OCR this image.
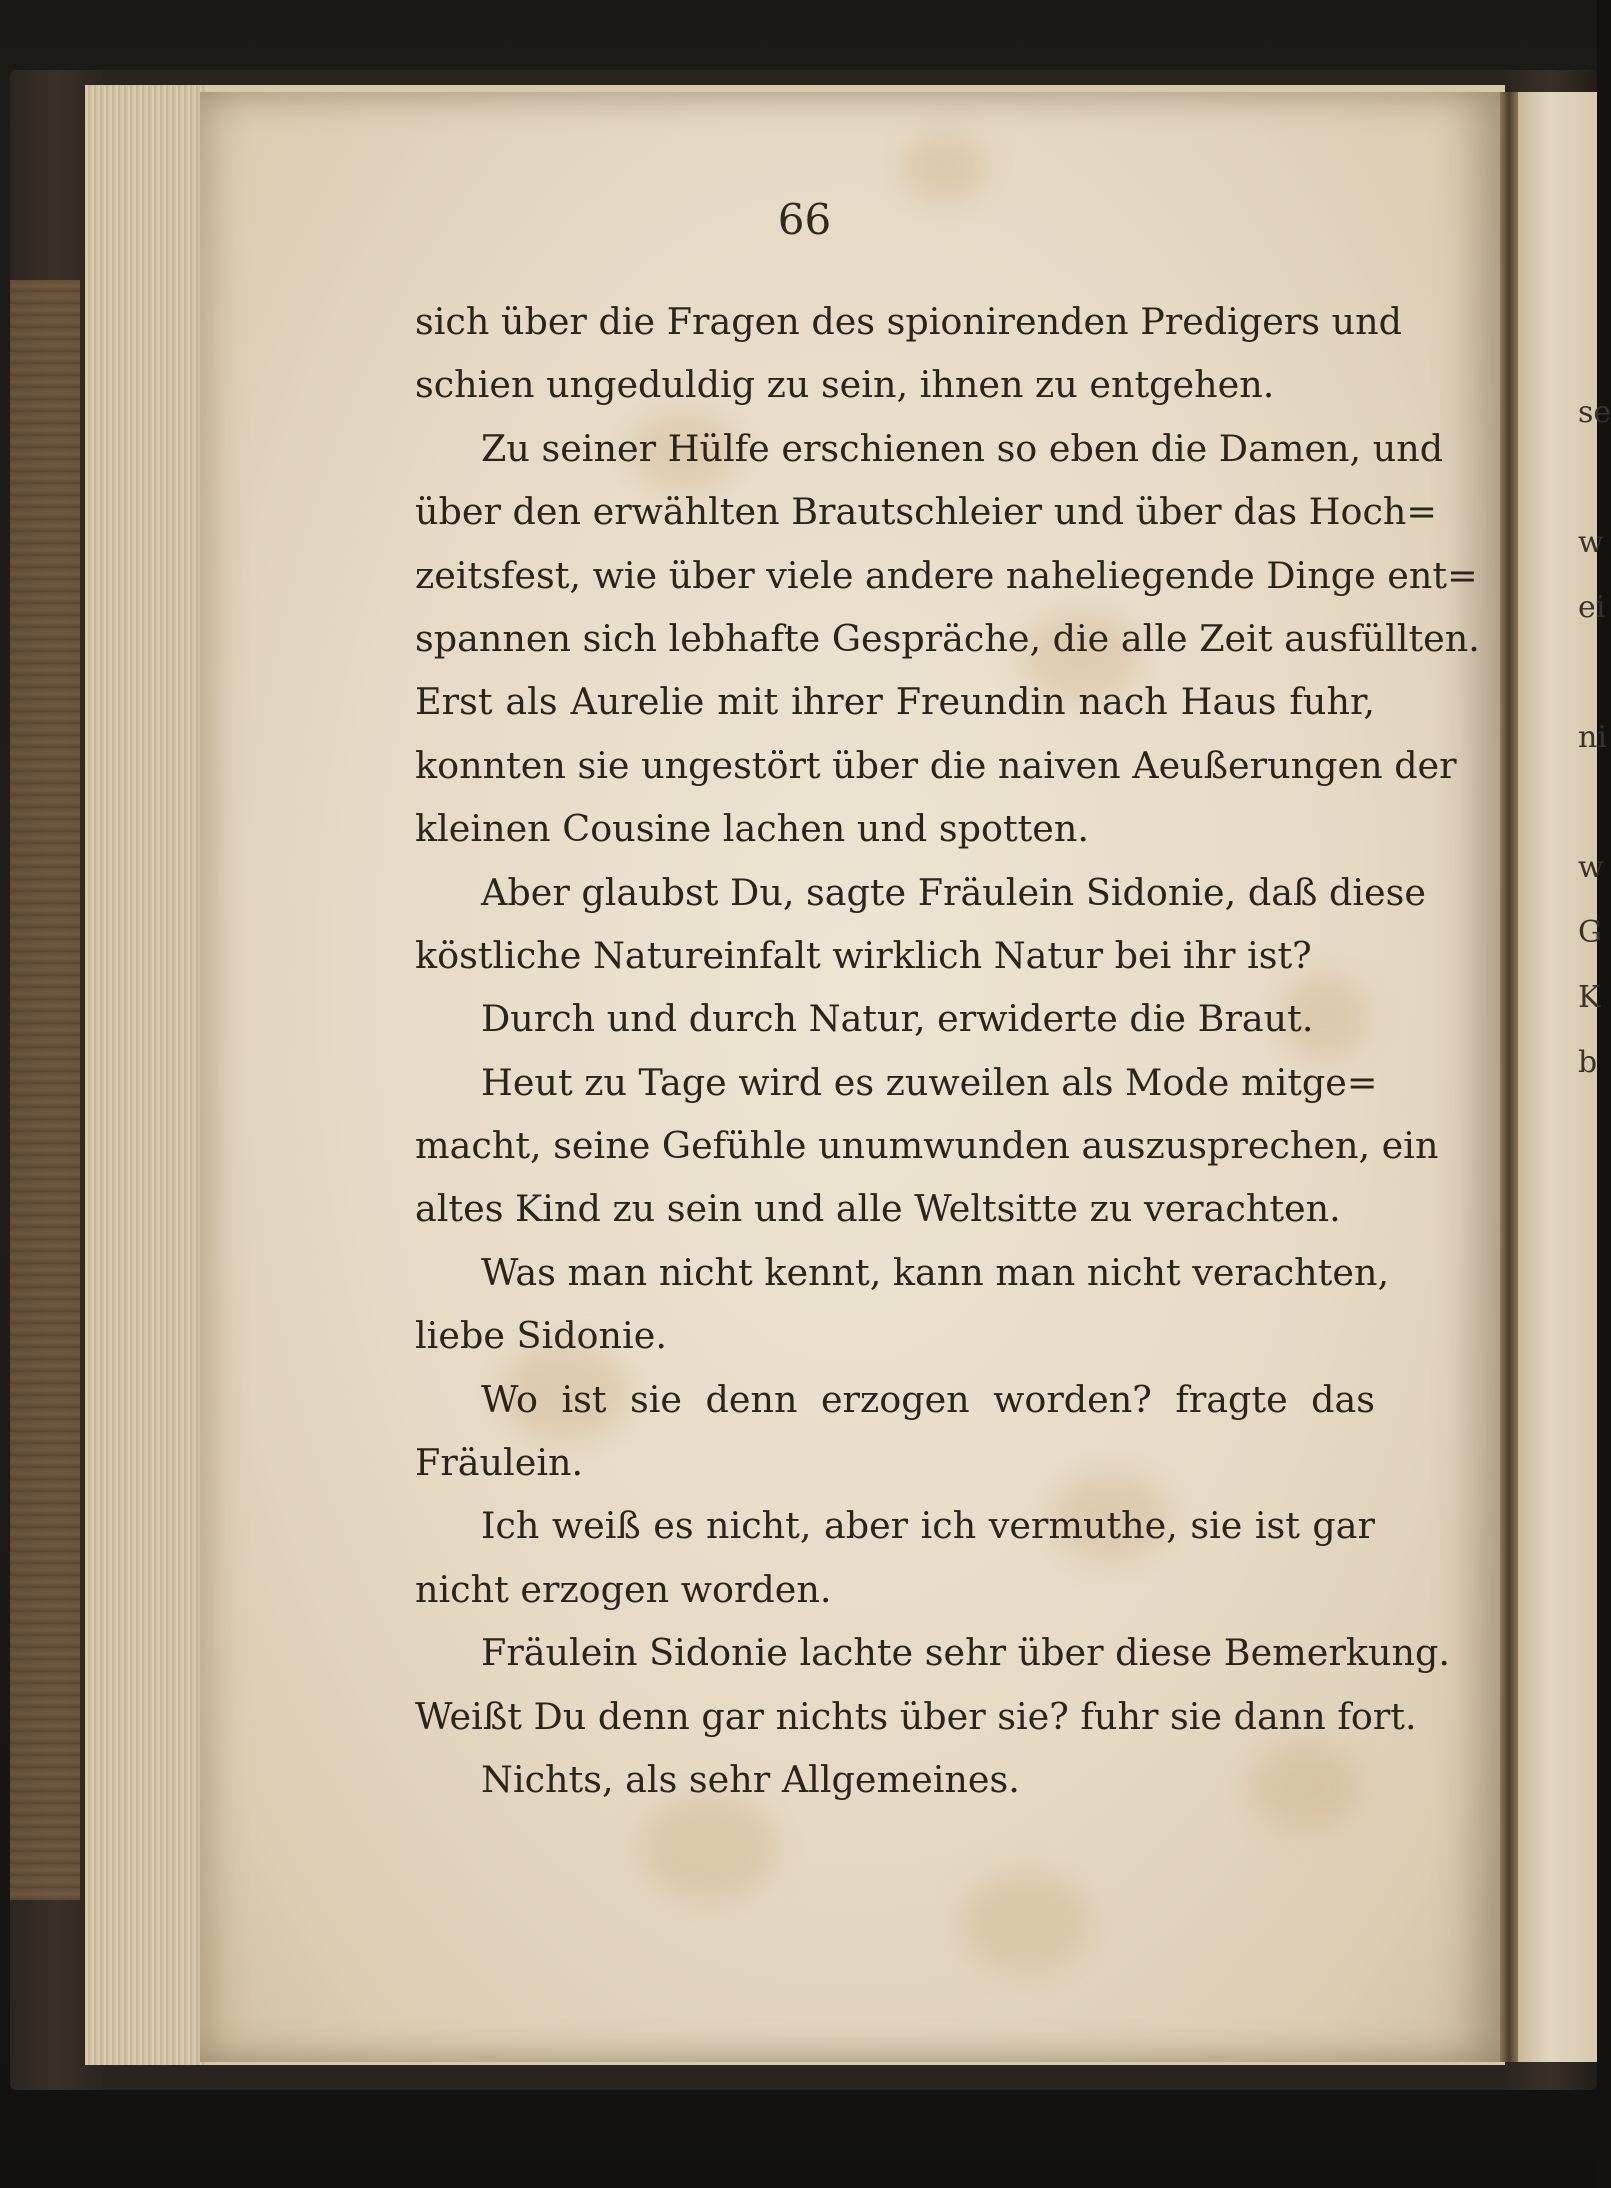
se
w
ei
ni
w
G
K
b
66
sich über die Fragen des spionirenden Predigers und
schien ungeduldig zu sein, ihnen zu entgehen.
Zu seiner Hülfe erschienen so eben die Damen, und
über den erwählten Brautschleier und über das Hoch=
zeitsfest, wie über viele andere naheliegende Dinge ent=
spannen sich lebhafte Gespräche, die alle Zeit ausfüllten.
Erst als Aurelie mit ihrer Freundin nach Haus fuhr,
konnten sie ungestört über die naiven Aeußerungen der
kleinen Cousine lachen und spotten.
Aber glaubst Du, sagte Fräulein Sidonie, daß diese
köstliche Natureinfalt wirklich Natur bei ihr ist?
Durch und durch Natur, erwiderte die Braut.
Heut zu Tage wird es zuweilen als Mode mitge=
macht, seine Gefühle unumwunden auszusprechen, ein
altes Kind zu sein und alle Weltsitte zu verachten.
Was man nicht kennt, kann man nicht verachten,
liebe Sidonie.
Wo ist sie denn erzogen worden? fragte das
Fräulein.
Ich weiß es nicht, aber ich vermuthe, sie ist gar
nicht erzogen worden.
Fräulein Sidonie lachte sehr über diese Bemerkung.
Weißt Du denn gar nichts über sie? fuhr sie dann fort.
Nichts, als sehr Allgemeines.
